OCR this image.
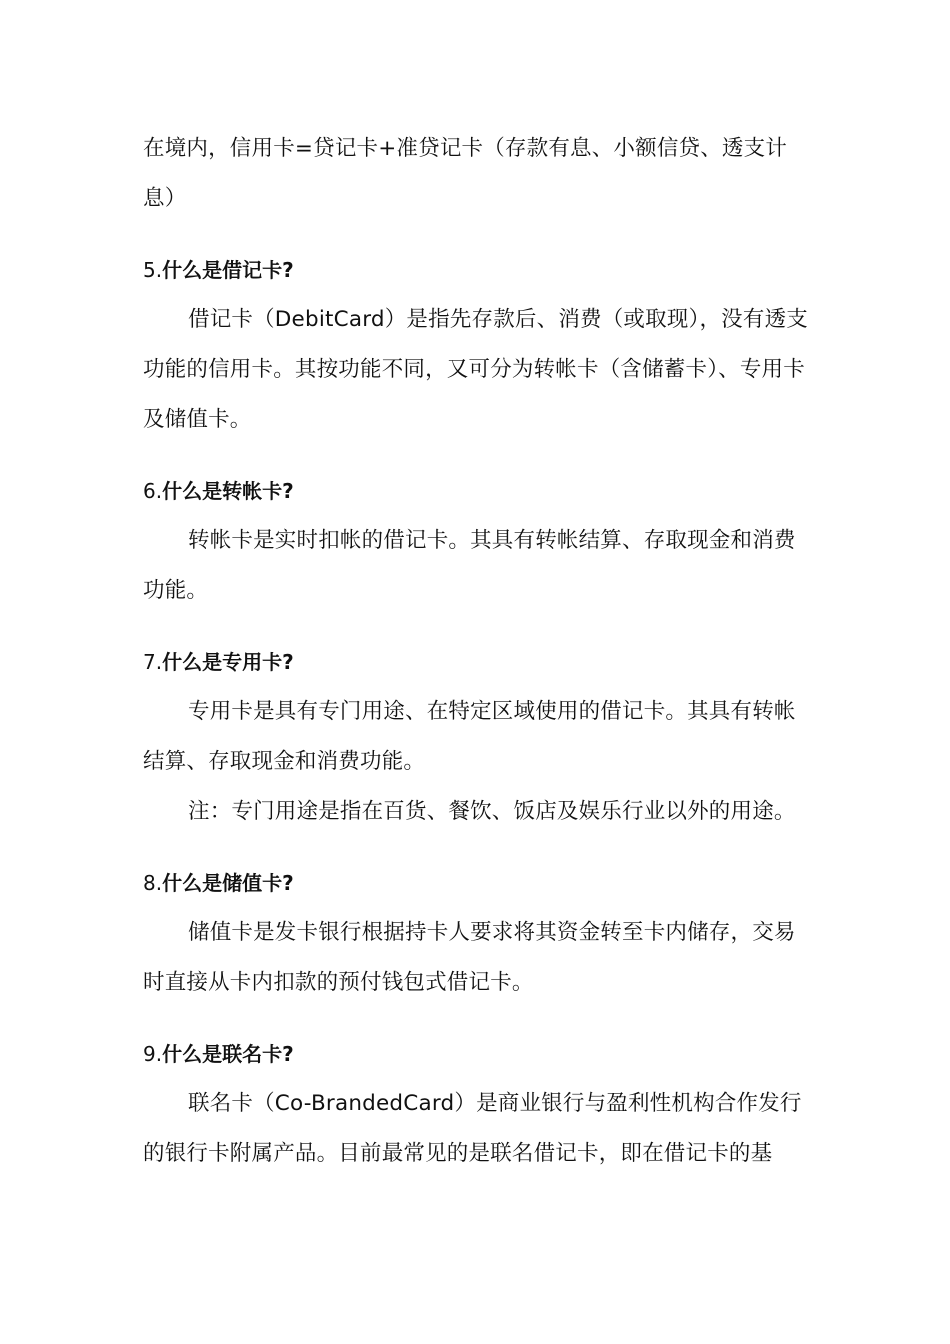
在境内，信用卡=贷记卡+准贷记卡（存款有息、小额信贷、透支计息）

5.什么是借记卡?

借记卡（DebitCard）是指先存款后、消费（或取现），没有透支功能的信用卡。其按功能不同，又可分为转帐卡（含储蓄卡）、专用卡及储值卡。

6.什么是转帐卡?

转帐卡是实时扣帐的借记卡。其具有转帐结算、存取现金和消费功能。

7.什么是专用卡?

专用卡是具有专门用途、在特定区域使用的借记卡。其具有转帐结算、存取现金和消费功能。

注：专门用途是指在百货、餐饮、饭店及娱乐行业以外的用途。

8.什么是储值卡?

储值卡是发卡银行根据持卡人要求将其资金转至卡内储存，交易时直接从卡内扣款的预付钱包式借记卡。

9.什么是联名卡?

联名卡（Co-BrandedCard）是商业银行与盈利性机构合作发行的银行卡附属产品。目前最常见的是联名借记卡，即在借记卡的基
